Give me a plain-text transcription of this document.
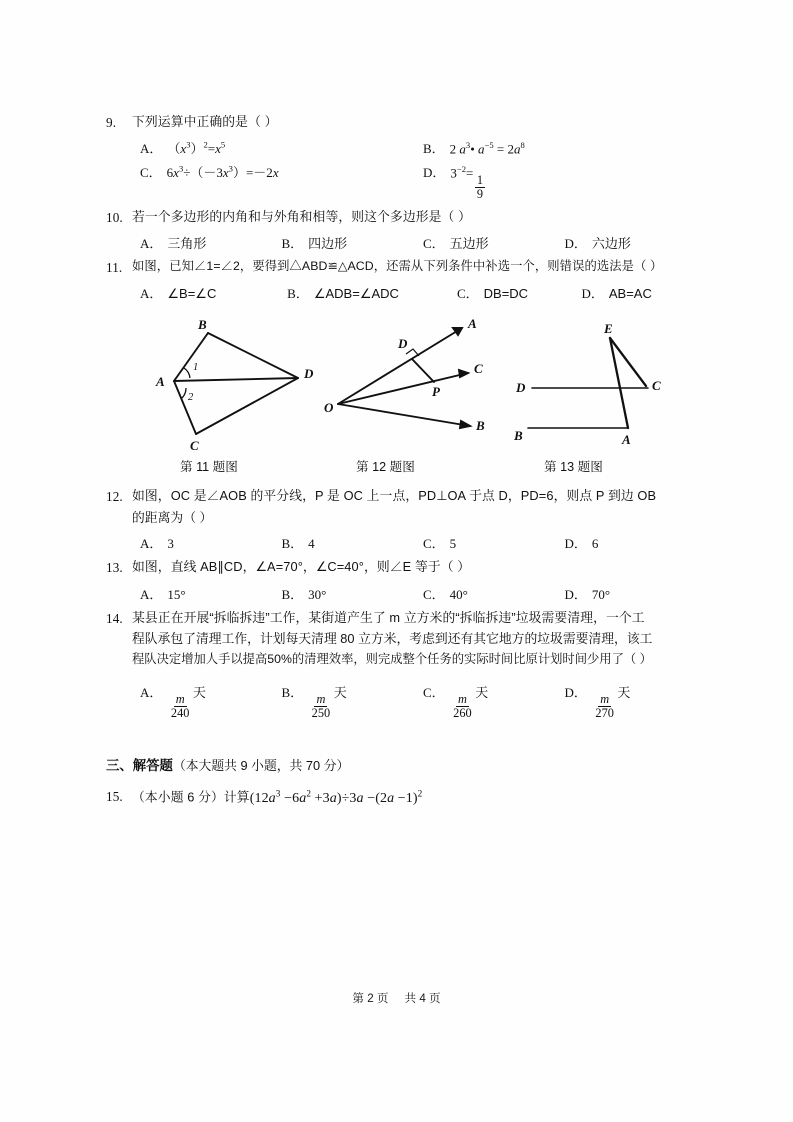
9.	下列运算中正确的是（ ）
A． $(x^3)^2=x^5$	B． 2 $a^3•$ $a^{-5} = 2a^8$
C． $6x^3\div(-3x^3)=-2x$	D． $3^{-2}=$
$\frac{1}{9}$
10. 若一个多边形的内角和与外角和相等，则这个多边形是（ ）
A． 三角形	B． 四边形	C． 五边形	D． 六边形
11. 如图，已知∠1=∠2，要得到△ABD≌△ACD，还需从下列条件中补选一个，则错误的选法是（ ）
A． ∠B=∠C	B． ∠ADB=∠ADC	C． DB=DC	D． AB=AC
B
A
C
D
1
2
O
A
C
B
D
P
E
D	C
B	A
第 11 题图	第 12 题图	第 13 题图
12. 如图，OC 是∠AOB 的平分线，P 是 OC 上一点，PD⊥OA 于点 D，PD=6，则点 P 到边 OB
的距离为（ ）
A． 3	B． 4	C． 5	D． 6
13. 如图，直线 AB∥CD，∠A=70°，∠C=40°，则∠E 等于（ ）
A． 15°	B． 30°	C． 40°	D． 70°
14. 某县正在开展“拆临拆违”工作，某街道产生了 m 立方米的“拆临拆违”垃圾需要清理，一个工
程队承包了清理工作，计划每天清理 80 立方米，考虑到还有其它地方的垃圾需要清理，该工
程队决定增加人手以提高50%的清理效率，则完成整个任务的实际时间比原计划时间少用了（ ）
A．
$\frac{m}{240}$
天	B．
$\frac{m}{250}$
天	C．
$\frac{m}{260}$
天	D．
$\frac{m}{270}$
天
三、解答题（本大题共 9 小题，共 70 分）
15. （本小题 6 分）计算$(12a^3 -6a^2 +3a)\div 3a -(2a -1)^2$
第 2 页 共 4 页
